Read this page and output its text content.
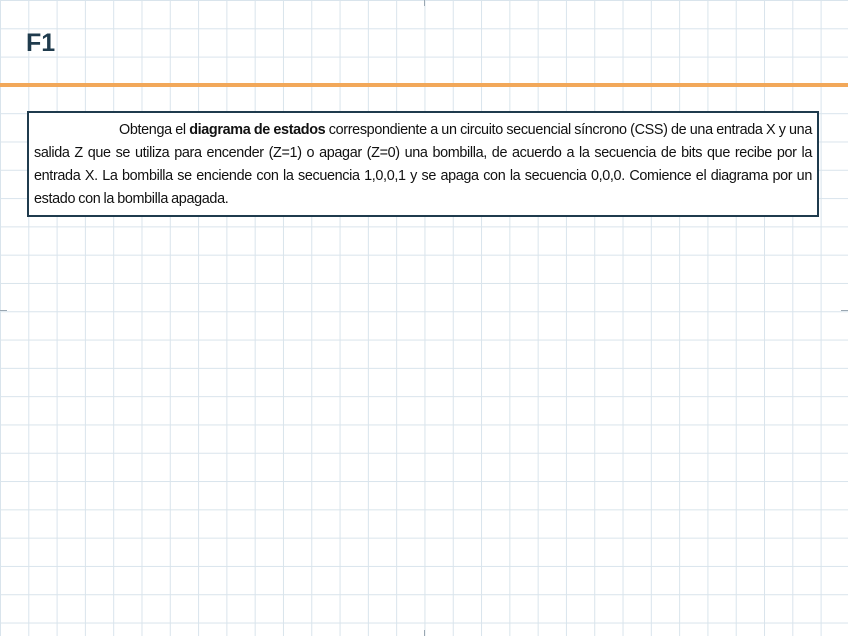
F1

Obtenga el diagrama de estados correspondiente a un circuito secuencial síncrono (CSS) de una entrada X y una salida Z que se utiliza para encender (Z=1) o apagar (Z=0) una bombilla, de acuerdo a la secuencia de bits que recibe por la entrada X. La bombilla se enciende con la secuencia 1,0,0,1 y se apaga con la secuencia 0,0,0. Comience el diagrama por un estado con la bombilla apagada.
